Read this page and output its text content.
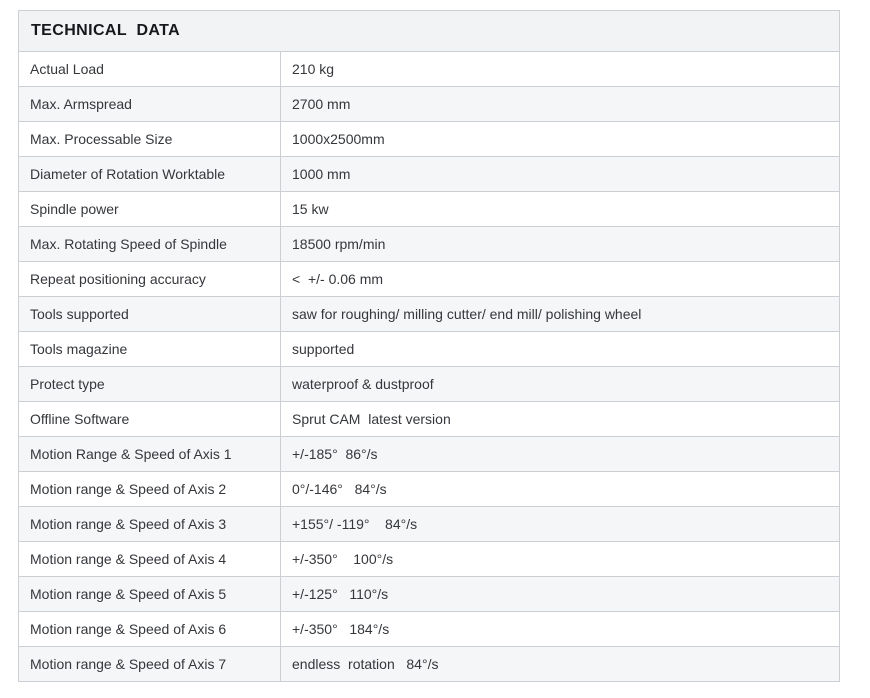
TECHNICAL  DATA	
Actual Load	210 kg
Max. Armspread	2700 mm
Max. Processable Size	1000x2500mm
Diameter of Rotation Worktable	1000 mm
Spindle power	15 kw
Max. Rotating Speed of Spindle	18500 rpm/min
Repeat positioning accuracy	<  +/- 0.06 mm
Tools supported	saw for roughing/ milling cutter/ end mill/ polishing wheel
Tools magazine	supported
Protect type	waterproof & dustproof
Offline Software	Sprut CAM  latest version
Motion Range & Speed of Axis 1	+/-185°  86°/s
Motion range & Speed of Axis 2	0°/-146°   84°/s
Motion range & Speed of Axis 3	+155°/ -119°    84°/s
Motion range & Speed of Axis 4	+/-350°    100°/s
Motion range & Speed of Axis 5	+/-125°   110°/s
Motion range & Speed of Axis 6	+/-350°   184°/s
Motion range & Speed of Axis 7	endless  rotation   84°/s
